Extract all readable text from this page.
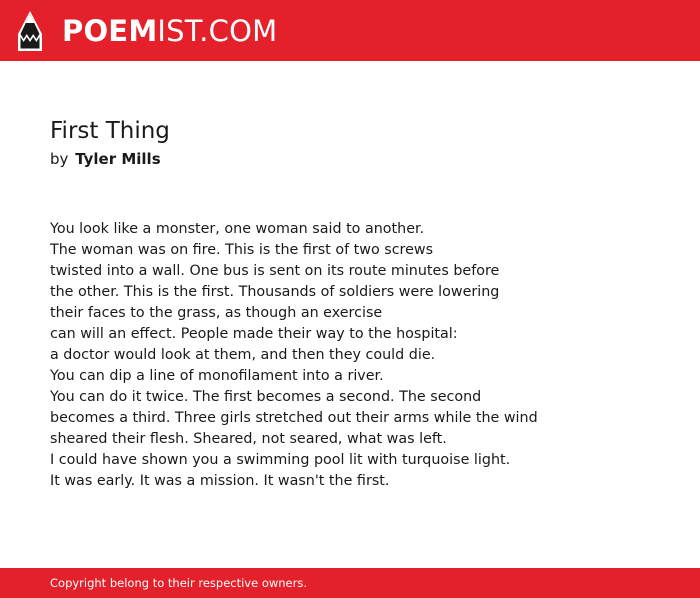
POEMIST.COM
First Thing
by Tyler Mills
You look like a monster, one woman said to another.
The woman was on fire. This is the first of two screws
twisted into a wall. One bus is sent on its route minutes before
the other. This is the first. Thousands of soldiers were lowering
their faces to the grass, as though an exercise
can will an effect. People made their way to the hospital:
a doctor would look at them, and then they could die.
You can dip a line of monofilament into a river.
You can do it twice. The first becomes a second. The second
becomes a third. Three girls stretched out their arms while the wind
sheared their flesh. Sheared, not seared, what was left.
I could have shown you a swimming pool lit with turquoise light.
It was early. It was a mission. It wasn't the first.
Copyright belong to their respective owners.
